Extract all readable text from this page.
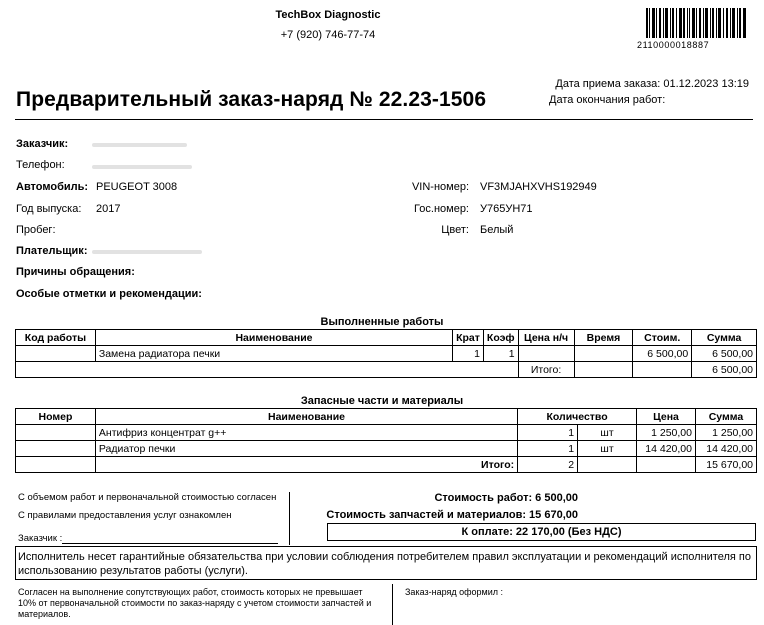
TechBox Diagnostic
+7 (920) 746-77-74
2110000018887
Дата приема заказа: 01.12.2023 13:19
Дата окончания работ:
Предварительный заказ-наряд № 22.23-1506
Заказчик:
Телефон:
Автомобиль: PEUGEOT 3008
Год выпуска: 2017
Пробег:
Плательщик:
Причины обращения:
Особые отметки и рекомендации:
VIN-номер: VF3MJAHXVHS192949
Гос.номер: У765УН71
Цвет: Белый
Выполненные работы
Код работы	Наименование	Крат	Коэф	Цена н/ч	Время	Стоим.	Сумма
	Замена радиатора печки	1	1			6 500,00	6 500,00
				Итого:			6 500,00
Запасные части и материалы
Номер	Наименование	Количество		Цена	Сумма
	Антифриз концентрат g++	1	шт	1 250,00	1 250,00
	Радиатор печки	1	шт	14 420,00	14 420,00
	Итого:	2			15 670,00
С объемом работ и первоначальной стоимостью согласен
С правилами предоставления услуг ознакомлен
Заказчик :
Стоимость работ: 6 500,00
Стоимость запчастей и материалов: 15 670,00
К оплате: 22 170,00 (Без НДС)
Исполнитель несет гарантийные обязательства при условии соблюдения потребителем правил эксплуатации и рекомендаций исполнителя по
использованию результатов работы (услуги).
Согласен на выполнение сопутствующих работ, стоимость которых не превышает
10% от первоначальной стоимости по заказ-наряду с учетом стоимости запчастей и
материалов.
Заказ-наряд оформил :
